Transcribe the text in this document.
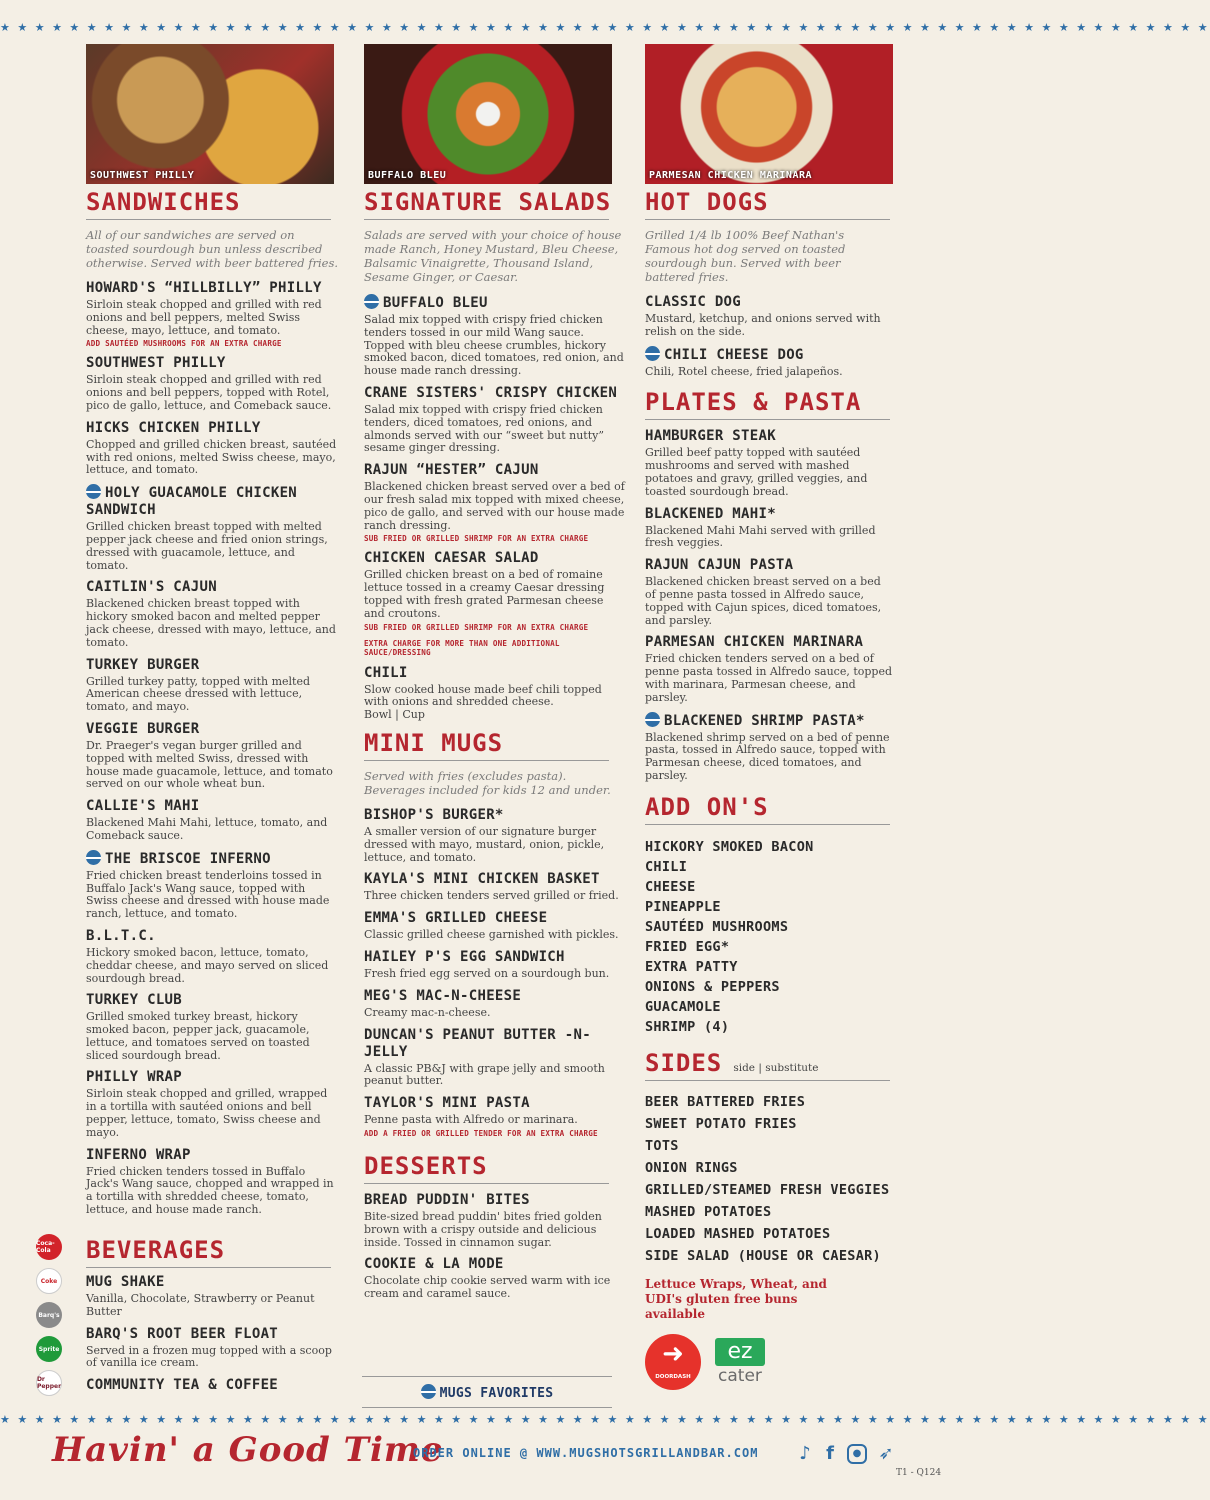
★ ★ ★ ★ ★ ★ ★ ★ ★ ★ ★ ★ ★ ★ ★ ★ ★ ★ ★ ★ ★ ★ ★ ★ ★ ★ ★ ★ ★ ★ ★ ★ ★ ★ ★ ★ ★ ★ ★ ★ ★ ★ ★ ★ ★ ★ ★ ★ ★ ★ ★ ★ ★ ★ ★ ★ ★ ★ ★ ★ ★ ★ ★ ★ ★ ★ ★ ★ ★ ★
SOUTHWEST PHILLY
SANDWICHES
All of our sandwiches are served on toasted sourdough bun unless described otherwise. Served with beer battered fries.
HOWARD'S “HILLBILLY” PHILLY
Sirloin steak chopped and grilled with red onions and bell peppers, melted Swiss cheese, mayo, lettuce, and tomato.
ADD SAUTÉED MUSHROOMS FOR AN EXTRA CHARGE
SOUTHWEST PHILLY
Sirloin steak chopped and grilled with red onions and bell peppers, topped with Rotel, pico de gallo, lettuce, and Comeback sauce.
HICKS CHICKEN PHILLY
Chopped and grilled chicken breast, sautéed with red onions, melted Swiss cheese, mayo, lettuce, and tomato.
HOLY GUACAMOLE CHICKEN SANDWICH
Grilled chicken breast topped with melted pepper jack cheese and fried onion strings, dressed with guacamole, lettuce, and tomato.
CAITLIN'S CAJUN
Blackened chicken breast topped with hickory smoked bacon and melted pepper jack cheese, dressed with mayo, lettuce, and tomato.
TURKEY BURGER
Grilled turkey patty, topped with melted American cheese dressed with lettuce, tomato, and mayo.
VEGGIE BURGER
Dr. Praeger's vegan burger grilled and topped with melted Swiss, dressed with house made guacamole, lettuce, and tomato served on our whole wheat bun.
CALLIE'S MAHI
Blackened Mahi Mahi, lettuce, tomato, and Comeback sauce.
THE BRISCOE INFERNO
Fried chicken breast tenderloins tossed in Buffalo Jack's Wang sauce, topped with Swiss cheese and dressed with house made ranch, lettuce, and tomato.
B.L.T.C.
Hickory smoked bacon, lettuce, tomato, cheddar cheese, and mayo served on sliced sourdough bread.
TURKEY CLUB
Grilled smoked turkey breast, hickory smoked bacon, pepper jack, guacamole, lettuce, and tomatoes served on toasted sliced sourdough bread.
PHILLY WRAP
Sirloin steak chopped and grilled, wrapped in a tortilla with sautéed onions and bell pepper, lettuce, tomato, Swiss cheese and mayo.
INFERNO WRAP
Fried chicken tenders tossed in Buffalo Jack's Wang sauce, chopped and wrapped in a tortilla with shredded cheese, tomato, lettuce, and house made ranch.
Coca-Cola
Coke
Barq's
Sprite
Dr Pepper
BEVERAGES
MUG SHAKE
Vanilla, Chocolate, Strawberry or Peanut Butter
BARQ'S ROOT BEER FLOAT
Served in a frozen mug topped with a scoop of vanilla ice cream.
COMMUNITY TEA & COFFEE
BUFFALO BLEU
SIGNATURE SALADS
Salads are served with your choice of house made Ranch, Honey Mustard, Bleu Cheese, Balsamic Vinaigrette, Thousand Island, Sesame Ginger, or Caesar.
BUFFALO BLEU
Salad mix topped with crispy fried chicken tenders tossed in our mild Wang sauce. Topped with bleu cheese crumbles, hickory smoked bacon, diced tomatoes, red onion, and house made ranch dressing.
CRANE SISTERS' CRISPY CHICKEN
Salad mix topped with crispy fried chicken tenders, diced tomatoes, red onions, and almonds served with our “sweet but nutty” sesame ginger dressing.
RAJUN “HESTER” CAJUN
Blackened chicken breast served over a bed of our fresh salad mix topped with mixed cheese, pico de gallo, and served with our house made ranch dressing.
SUB FRIED OR GRILLED SHRIMP FOR AN EXTRA CHARGE
CHICKEN CAESAR SALAD
Grilled chicken breast on a bed of romaine lettuce tossed in a creamy Caesar dressing topped with fresh grated Parmesan cheese and croutons.
SUB FRIED OR GRILLED SHRIMP FOR AN EXTRA CHARGE
EXTRA CHARGE FOR MORE THAN ONE ADDITIONAL SAUCE/DRESSING
CHILI
Slow cooked house made beef chili topped with onions and shredded cheese.
Bowl | Cup
MINI MUGS
Served with fries (excludes pasta). Beverages included for kids 12 and under.
BISHOP'S BURGER*
A smaller version of our signature burger dressed with mayo, mustard, onion, pickle, lettuce, and tomato.
KAYLA'S MINI CHICKEN BASKET
Three chicken tenders served grilled or fried.
EMMA'S GRILLED CHEESE
Classic grilled cheese garnished with pickles.
HAILEY P'S EGG SANDWICH
Fresh fried egg served on a sourdough bun.
MEG'S MAC-N-CHEESE
Creamy mac-n-cheese.
DUNCAN'S PEANUT BUTTER -N- JELLY
A classic PB&J with grape jelly and smooth peanut butter.
TAYLOR'S MINI PASTA
Penne pasta with Alfredo or marinara.
ADD A FRIED OR GRILLED TENDER FOR AN EXTRA CHARGE
DESSERTS
BREAD PUDDIN' BITES
Bite-sized bread puddin' bites fried golden brown with a crispy outside and delicious inside. Tossed in cinnamon sugar.
COOKIE & LA MODE
Chocolate chip cookie served warm with ice cream and caramel sauce.
MUGS FAVORITES
PARMESAN CHICKEN MARINARA
HOT DOGS
Grilled 1/4 lb 100% Beef Nathan's Famous hot dog served on toasted sourdough bun. Served with beer battered fries.
CLASSIC DOG
Mustard, ketchup, and onions served with relish on the side.
CHILI CHEESE DOG
Chili, Rotel cheese, fried jalapeños.
PLATES & PASTA
HAMBURGER STEAK
Grilled beef patty topped with sautéed mushrooms and served with mashed potatoes and gravy, grilled veggies, and toasted sourdough bread.
BLACKENED MAHI*
Blackened Mahi Mahi served with grilled fresh veggies.
RAJUN CAJUN PASTA
Blackened chicken breast served on a bed of penne pasta tossed in Alfredo sauce, topped with Cajun spices, diced tomatoes, and parsley.
PARMESAN CHICKEN MARINARA
Fried chicken tenders served on a bed of penne pasta tossed in Alfredo sauce, topped with marinara, Parmesan cheese, and parsley.
BLACKENED SHRIMP PASTA*
Blackened shrimp served on a bed of penne pasta, tossed in Alfredo sauce, topped with Parmesan cheese, diced tomatoes, and parsley.
ADD ON'S
HICKORY SMOKED BACON
CHILI
CHEESE
PINEAPPLE
SAUTÉED MUSHROOMS
FRIED EGG*
EXTRA PATTY
ONIONS & PEPPERS
GUACAMOLE
SHRIMP (4)
SIDES side | substitute
BEER BATTERED FRIES
SWEET POTATO FRIES
TOTS
ONION RINGS
GRILLED/STEAMED FRESH VEGGIES
MASHED POTATOES
LOADED MASHED POTATOES
SIDE SALAD (HOUSE OR CAESAR)
Lettuce Wraps, Wheat, and UDI's gluten free buns available
➜
DOORDASH
ez
cater
★ ★ ★ ★ ★ ★ ★ ★ ★ ★ ★ ★ ★ ★ ★ ★ ★ ★ ★ ★ ★ ★ ★ ★ ★ ★ ★ ★ ★ ★ ★ ★ ★ ★ ★ ★ ★ ★ ★ ★ ★ ★ ★ ★ ★ ★ ★ ★ ★ ★ ★ ★ ★ ★ ★ ★ ★ ★ ★ ★ ★ ★ ★ ★ ★ ★ ★ ★ ★ ★
Havin' a Good Time
ORDER ONLINE @ WWW.MUGSHOTSGRILLANDBAR.COM ♪ f	● ➶
T1 - Q124
